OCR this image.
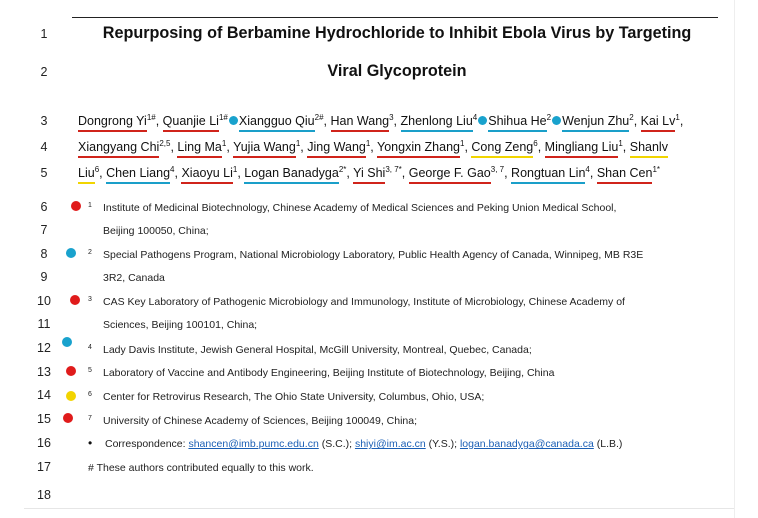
1
2
3
4
5
6
7
8
9
10
11
12
13
14
15
16
17
18
Repurposing of Berbamine Hydrochloride to Inhibit Ebola Virus by Targeting
Viral Glycoprotein
Dongrong $Yi^{1\#}$, Quanjie $Li^{1\#}$ Xiangguo Qiu$^{2\#}$, Han Wang$^3$, Zhenlong Liu$^4$ Shihua He$^2$ Wenjun Zhu$^2$, Kai Lv$^1$,
Xiangyang Chi$^{2,5}$, Ling Ma$^1$, Yujia Wang$^1$, Jing Wang$^1$, Yongxin Zhang$^1$, Cong Zeng$^6$, Mingliang Liu$^1$, Shanlv
Liu$^6$, Chen Liang$^4$, Xiaoyu Li$^1$, Logan Banadyga$^{2*}$, Yi Shi$^{3, 7*}$, George F. Gao$^{3, 7}$, Rongtuan Lin$^4$, Shan Cen$^{1*}$
1 Institute of Medicinal Biotechnology, Chinese Academy of Medical Sciences and Peking Union Medical School,
Beijing 100050, China;
2 Special Pathogens Program, National Microbiology Laboratory, Public Health Agency of Canada, Winnipeg, MB R3E
3R2, Canada
3 CAS Key Laboratory of Pathogenic Microbiology and Immunology, Institute of Microbiology, Chinese Academy of
Sciences, Beijing 100101, China;
4 Lady Davis Institute, Jewish General Hospital, McGill University, Montreal, Quebec, Canada;
5 Laboratory of Vaccine and Antibody Engineering, Beijing Institute of Biotechnology, Beijing, China
6 Center for Retrovirus Research, The Ohio State University, Columbus, Ohio, USA;
7 University of Chinese Academy of Sciences, Beijing 100049, China;
• Correspondence: shancen@imb.pumc.edu.cn (S.C.); shiyi@im.ac.cn (Y.S.); logan.banadyga@canada.ca (L.B.)
# These authors contributed equally to this work.
